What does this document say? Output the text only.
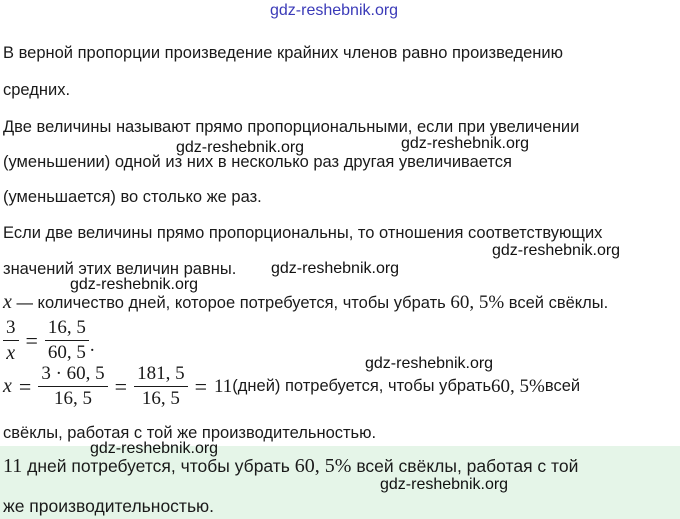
gdz-reshebnik.org
В верной пропорции произведение крайних членов равно произведению
средних.
Две величины называют прямо пропорциональными, если при увеличении
(уменьшении) одной из них в несколько раз другая увеличивается
(уменьшается) во столько же раз.
Если две величины прямо пропорциональны, то отношения соответствующих
значений этих величин равны.
x — количество дней, которое потребуется, чтобы убрать 60, 5% всей свёклы.
$\frac{3}{x} = \frac{16, 5}{60, 5}$ .
$x = \frac{3 \cdot 60, 5}{16, 5} = \frac{181, 5}{16, 5} = 11$ (дней) потребуется, чтобы убрать 60, 5% всей
свёклы, работая с той же производительностью.
11 дней потребуется, чтобы убрать 60, 5% всей свёклы, работая с той
же производительностью.
gdz-reshebnik.org	gdz-reshebnik.org
gdz-reshebnik.org
gdz-reshebnik.org
gdz-reshebnik.org
gdz-reshebnik.org
gdz-reshebnik.org
gdz-reshebnik.org
